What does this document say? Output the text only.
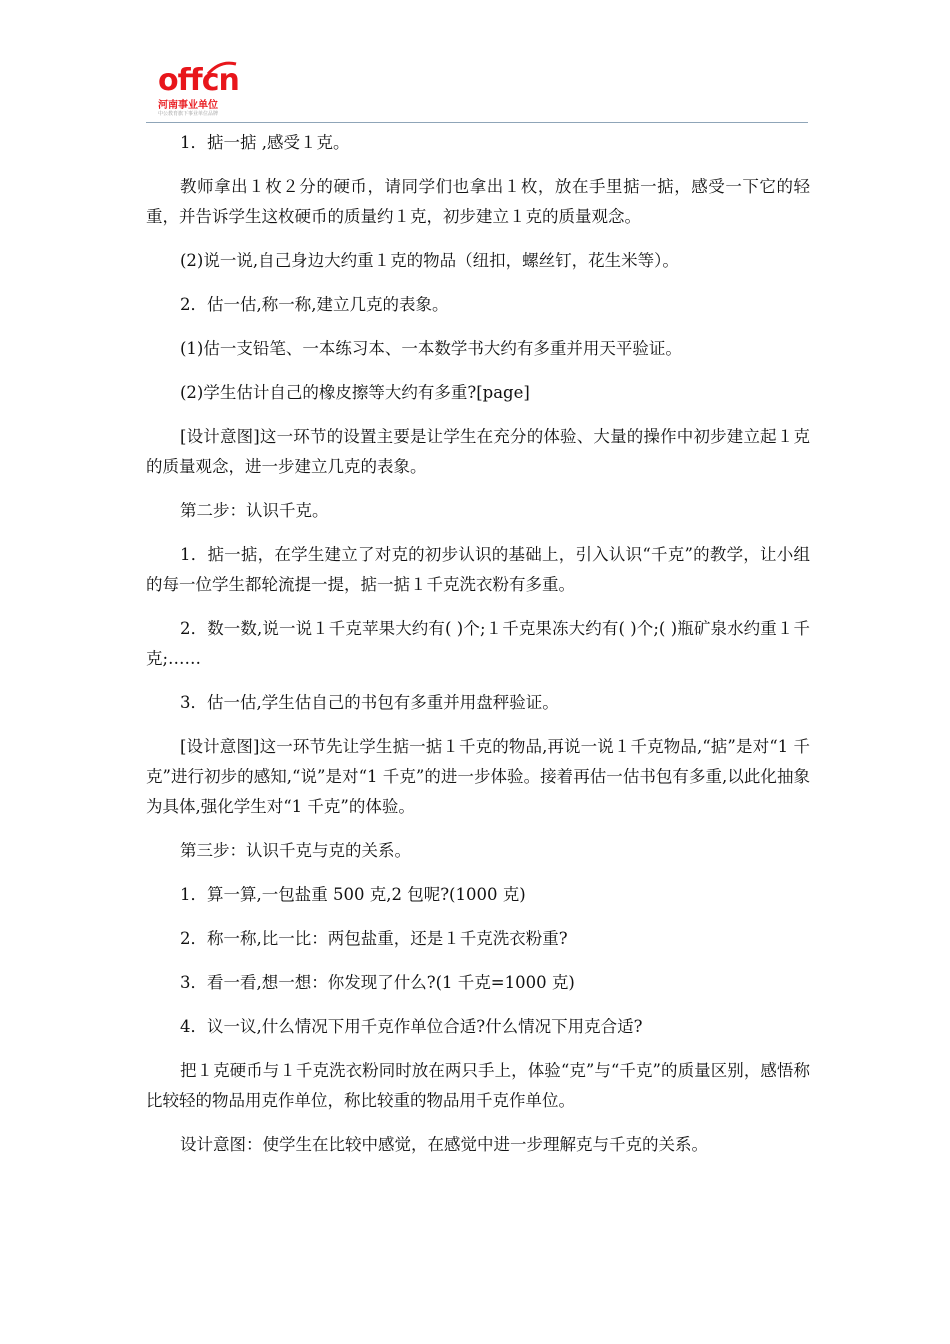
offcn
河南事业单位
中公教育旗下事业单位品牌

1．掂一掂 ,感受１克。

教师拿出１枚２分的硬币，请同学们也拿出１枚，放在手里掂一掂，感受一下它的轻重，并告诉学生这枚硬币的质量约１克，初步建立１克的质量观念。

(2)说一说,自己身边大约重１克的物品（纽扣，螺丝钉，花生米等）。

2．估一估,称一称,建立几克的表象。

(1)估一支铅笔、一本练习本、一本数学书大约有多重并用天平验证。

(2)学生估计自己的橡皮擦等大约有多重?[page]

[设计意图]这一环节的设置主要是让学生在充分的体验、大量的操作中初步建立起１克的质量观念，进一步建立几克的表象。

第二步：认识千克。

1．掂一掂，在学生建立了对克的初步认识的基础上，引入认识“千克”的教学，让小组的每一位学生都轮流提一提，掂一掂１千克洗衣粉有多重。

2．数一数,说一说１千克苹果大约有( )个;１千克果冻大约有( )个;( )瓶矿泉水约重１千克;……

3．估一估,学生估自己的书包有多重并用盘秤验证。

[设计意图]这一环节先让学生掂一掂１千克的物品,再说一说１千克物品,“掂”是对“1 千克”进行初步的感知,“说”是对“1 千克”的进一步体验。接着再估一估书包有多重,以此化抽象为具体,强化学生对“1 千克”的体验。

第三步：认识千克与克的关系。

1．算一算,一包盐重 500 克,2 包呢?(1000 克)

2．称一称,比一比：两包盐重，还是１千克洗衣粉重?

3．看一看,想一想：你发现了什么?(1 千克=1000 克)

4．议一议,什么情况下用千克作单位合适?什么情况下用克合适?

把１克硬币与１千克洗衣粉同时放在两只手上，体验“克”与“千克”的质量区别，感悟称比较轻的物品用克作单位，称比较重的物品用千克作单位。

设计意图：使学生在比较中感觉，在感觉中进一步理解克与千克的关系。
